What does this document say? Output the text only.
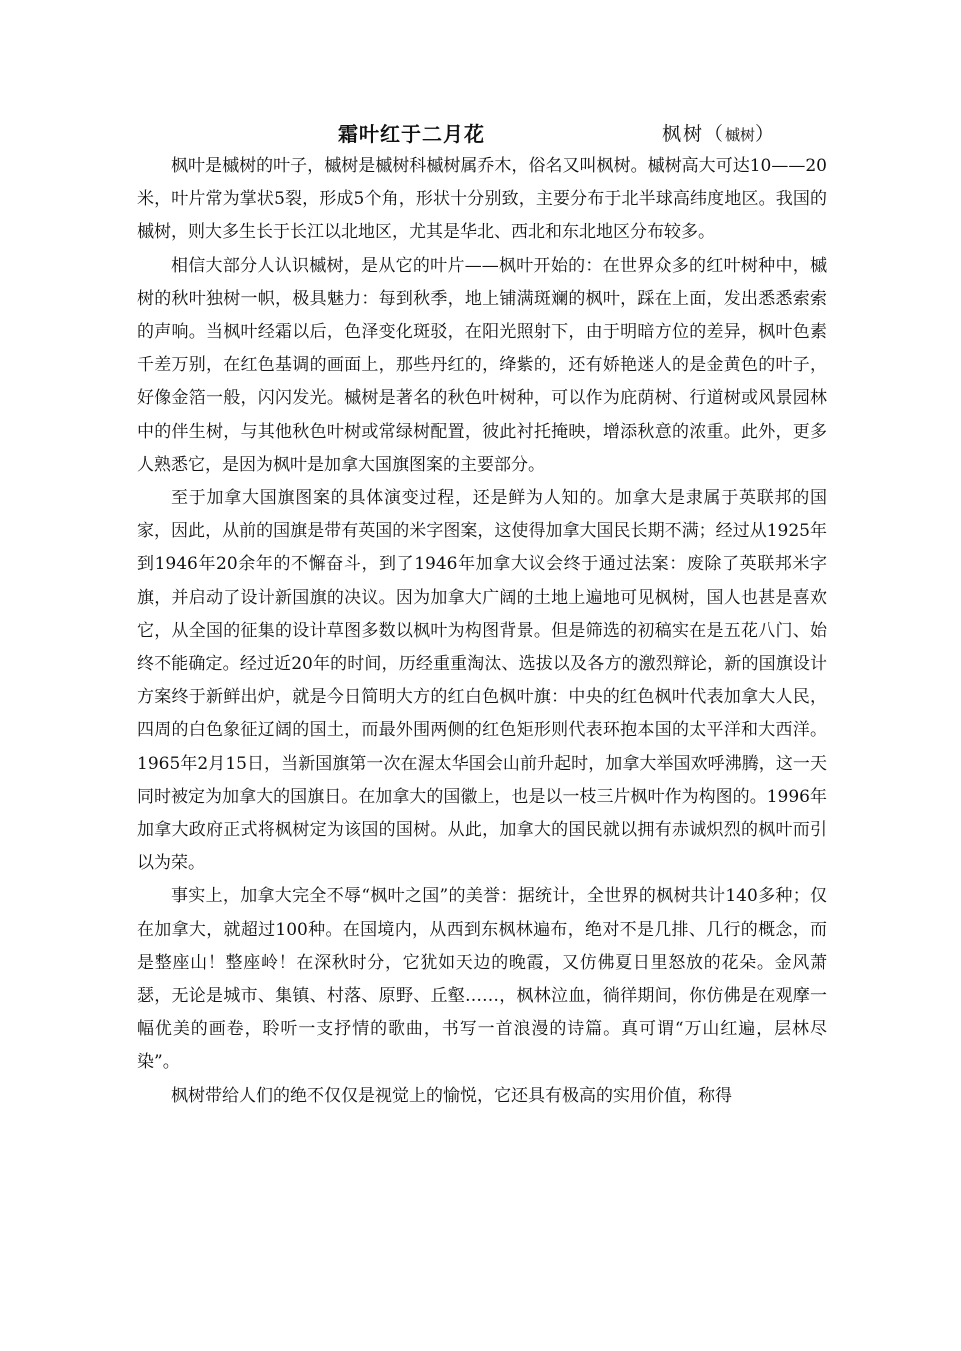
霜叶红于二月花	枫树（槭树）

枫叶是槭树的叶子，槭树是槭树科槭树属乔木，俗名又叫枫树。槭树高大可达10——20米，叶片常为掌状5裂，形成5个角，形状十分别致，主要分布于北半球高纬度地区。我国的槭树，则大多生长于长江以北地区，尤其是华北、西北和东北地区分布较多。

相信大部分人认识槭树，是从它的叶片——枫叶开始的：在世界众多的红叶树种中，槭树的秋叶独树一帜，极具魅力：每到秋季，地上铺满斑斓的枫叶，踩在上面，发出悉悉索索的声响。当枫叶经霜以后，色泽变化斑驳，在阳光照射下，由于明暗方位的差异，枫叶色素千差万别，在红色基调的画面上，那些丹红的，绛紫的，还有娇艳迷人的是金黄色的叶子，好像金箔一般，闪闪发光。槭树是著名的秋色叶树种，可以作为庇荫树、行道树或风景园林中的伴生树，与其他秋色叶树或常绿树配置，彼此衬托掩映，增添秋意的浓重。此外，更多人熟悉它，是因为枫叶是加拿大国旗图案的主要部分。

至于加拿大国旗图案的具体演变过程，还是鲜为人知的。加拿大是隶属于英联邦的国家，因此，从前的国旗是带有英国的米字图案，这使得加拿大国民长期不满；经过从1925年到1946年20余年的不懈奋斗，到了1946年加拿大议会终于通过法案：废除了英联邦米字旗，并启动了设计新国旗的决议。因为加拿大广阔的土地上遍地可见枫树，国人也甚是喜欢它，从全国的征集的设计草图多数以枫叶为构图背景。但是筛选的初稿实在是五花八门、始终不能确定。经过近20年的时间，历经重重淘汰、选拔以及各方的激烈辩论，新的国旗设计方案终于新鲜出炉，就是今日简明大方的红白色枫叶旗：中央的红色枫叶代表加拿大人民，四周的白色象征辽阔的国土，而最外围两侧的红色矩形则代表环抱本国的太平洋和大西洋。1965年2月15日，当新国旗第一次在渥太华国会山前升起时，加拿大举国欢呼沸腾，这一天同时被定为加拿大的国旗日。在加拿大的国徽上，也是以一枝三片枫叶作为构图的。1996年加拿大政府正式将枫树定为该国的国树。从此，加拿大的国民就以拥有赤诚炽烈的枫叶而引以为荣。

事实上，加拿大完全不辱“枫叶之国”的美誉：据统计，全世界的枫树共计140多种；仅在加拿大，就超过100种。在国境内，从西到东枫林遍布，绝对不是几排、几行的概念，而是整座山！整座岭！在深秋时分，它犹如天边的晚霞，又仿佛夏日里怒放的花朵。金风萧瑟，无论是城市、集镇、村落、原野、丘壑……，枫林泣血，徜徉期间，你仿佛是在观摩一幅优美的画卷，聆听一支抒情的歌曲，书写一首浪漫的诗篇。真可谓“万山红遍，层林尽染”。

枫树带给人们的绝不仅仅是视觉上的愉悦，它还具有极高的实用价值，称得
